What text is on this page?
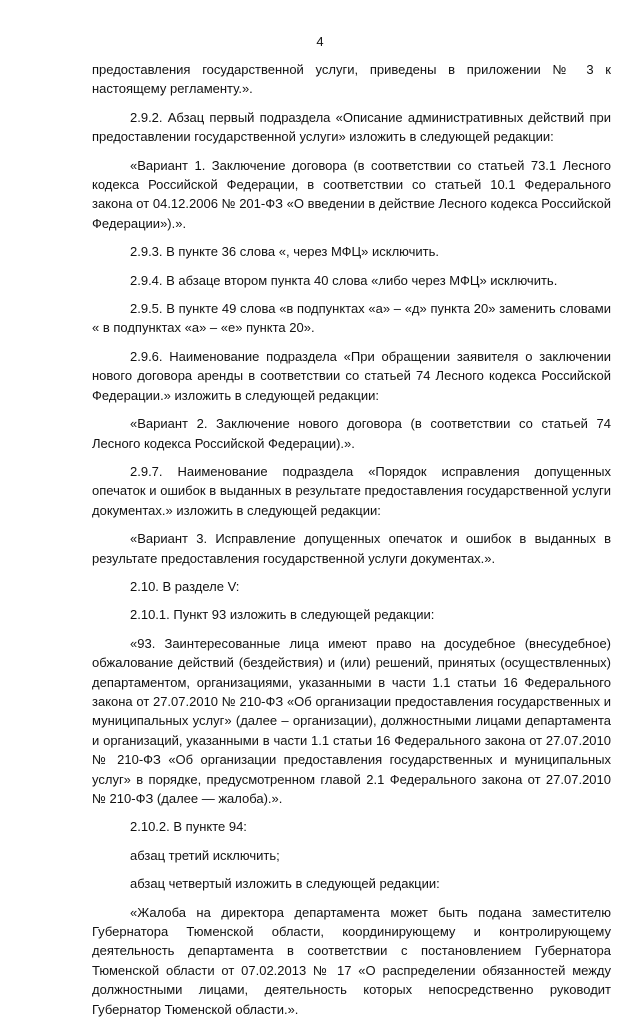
4

предоставления государственной услуги, приведены в приложении № 3 к настоящему регламенту.».

2.9.2. Абзац первый подраздела «Описание административных действий при предоставлении государственной услуги» изложить в следующей редакции:

«Вариант 1. Заключение договора (в соответствии со статьей 73.1 Лесного кодекса Российской Федерации, в соответствии со статьей 10.1 Федерального закона от 04.12.2006 № 201-ФЗ «О введении в действие Лесного кодекса Российской Федерации»).».

2.9.3. В пункте 36 слова «, через МФЦ» исключить.

2.9.4. В абзаце втором пункта 40 слова «либо через МФЦ» исключить.

2.9.5. В пункте 49 слова «в подпунктах «а» – «д» пункта 20» заменить словами « в подпунктах «а» – «е» пункта 20».

2.9.6. Наименование подраздела «При обращении заявителя о заключении нового договора аренды в соответствии со статьей 74 Лесного кодекса Российской Федерации.» изложить в следующей редакции:

«Вариант 2. Заключение нового договора (в соответствии со статьей 74 Лесного кодекса Российской Федерации).».

2.9.7. Наименование подраздела «Порядок исправления допущенных опечаток и ошибок в выданных в результате предоставления государственной услуги документах.» изложить в следующей редакции:

«Вариант 3. Исправление допущенных опечаток и ошибок в выданных в результате предоставления государственной услуги документах.».

2.10. В разделе V:

2.10.1. Пункт 93 изложить в следующей редакции:

«93. Заинтересованные лица имеют право на досудебное (внесудебное) обжалование действий (бездействия) и (или) решений, принятых (осуществленных) департаментом, организациями, указанными в части 1.1 статьи 16 Федерального закона от 27.07.2010 № 210-ФЗ «Об организации предоставления государственных и муниципальных услуг» (далее – организации), должностными лицами департамента и организаций, указанными в части 1.1 статьи 16 Федерального закона от 27.07.2010 № 210-ФЗ «Об организации предоставления государственных и муниципальных услуг» в порядке, предусмотренном главой 2.1 Федерального закона от 27.07.2010 № 210-ФЗ (далее — жалоба).».

2.10.2. В пункте 94:

абзац третий исключить;

абзац четвертый изложить в следующей редакции:

«Жалоба на директора департамента может быть подана заместителю Губернатора Тюменской области, координирующему и контролирующему деятельность департамента в соответствии с постановлением Губернатора Тюменской области от 07.02.2013 № 17 «О распределении обязанностей между должностными лицами, деятельность которых непосредственно руководит Губернатор Тюменской области.».
